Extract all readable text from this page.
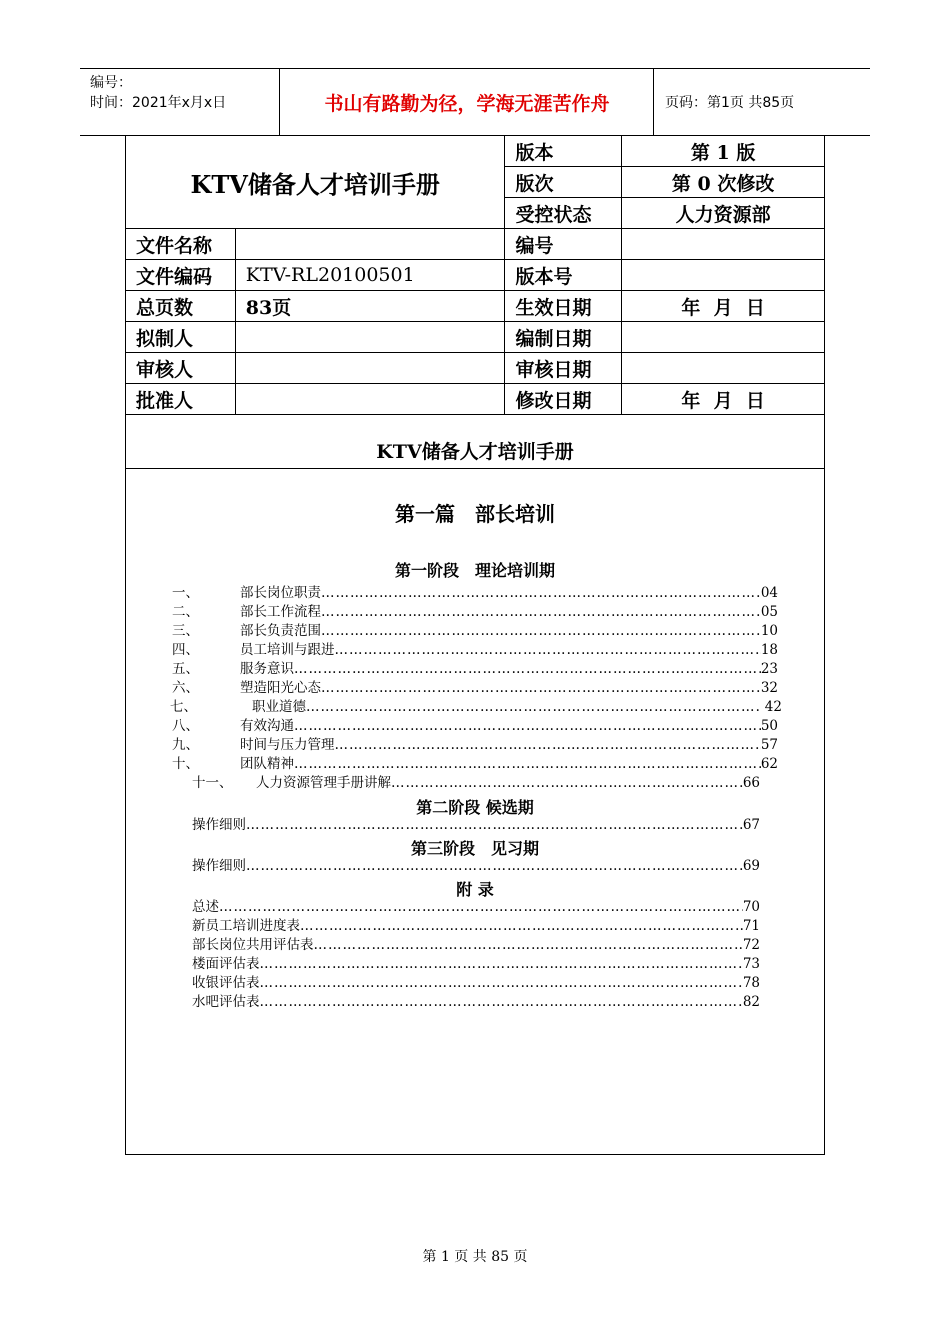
编号：
时间：2021年x月x日	书山有路勤为径，学海无涯苦作舟	页码：第1页 共85页
KTV储备人才培训手册		版本	第 1 版
		版次	第 0 次修改
		受控状态	人力资源部
文件名称		编号	
文件编码	KTV-RL20100501	版本号	
总页数	83页	生效日期	年  月  日
拟制人		编制日期	
审核人		审核日期	
批准人		修改日期	年  月  日
KTV储备人才培训手册
第一篇　部长培训
第一阶段　理论培训期
一、	部长岗位职责 ……………………………………………………………………………………………………………………………………	04
二、	部长工作流程 ……………………………………………………………………………………………………………………………………	05
三、	部长负责范围 ……………………………………………………………………………………………………………………………………	10
四、	员工培训与跟进 ……………………………………………………………………………………………………………………………………	18
五、	服务意识 ……………………………………………………………………………………………………………………………………	23
六、	塑造阳光心态 ……………………………………………………………………………………………………………………………………	32
七、	职业道德 ……………………………………………………………………………………………………………………………………	42
八、	有效沟通 ……………………………………………………………………………………………………………………………………	50
九、	时间与压力管理 ……………………………………………………………………………………………………………………………………	57
十、	团队精神 ……………………………………………………………………………………………………………………………………	62
十一、	人力资源管理手册讲解 ……………………………………………………………………………………………………………………………………	66
第二阶段 候选期
操作细则 ……………………………………………………………………………………………………………………………………	67
第三阶段　见习期
操作细则 ……………………………………………………………………………………………………………………………………	69
附 录
总述 ……………………………………………………………………………………………………………………………………	70
新员工培训进度表 ……………………………………………………………………………………………………………………………………	71
部长岗位共用评估表 ……………………………………………………………………………………………………………………………………	72
楼面评估表 ……………………………………………………………………………………………………………………………………	73
收银评估表 ……………………………………………………………………………………………………………………………………	78
水吧评估表 ……………………………………………………………………………………………………………………………………	82
第 1 页 共 85 页
